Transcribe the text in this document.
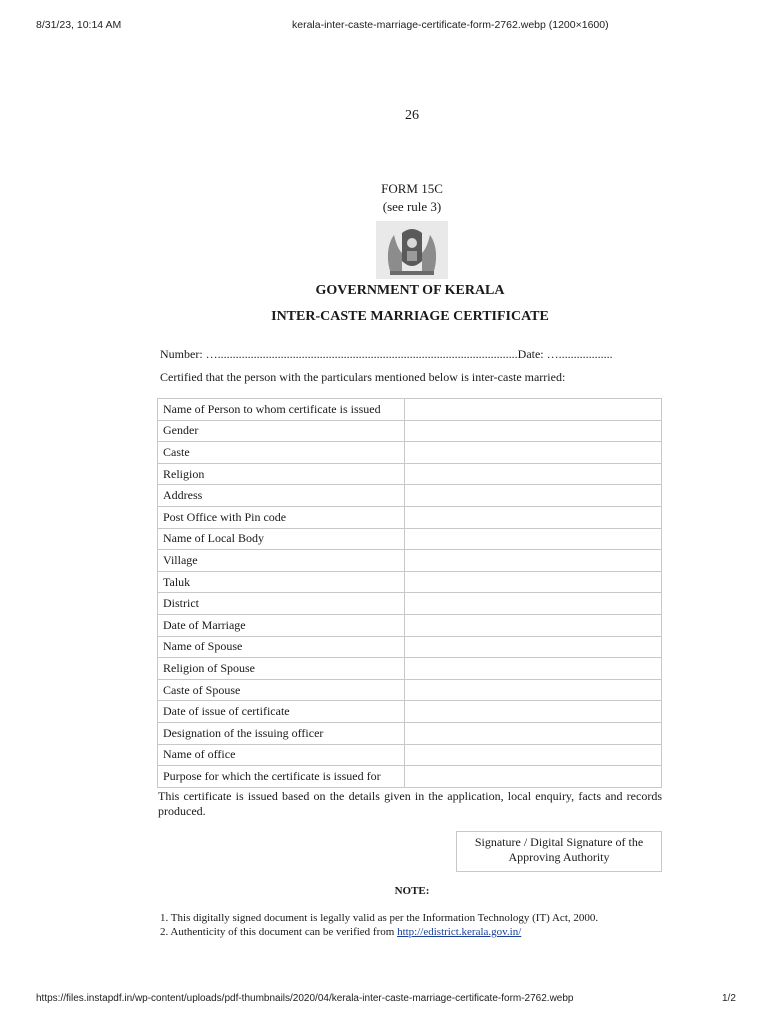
8/31/23, 10:14 AM	kerala-inter-caste-marriage-certificate-form-2762.webp (1200×1600)
26
FORM 15C
(see rule 3)
GOVERNMENT OF KERALA
INTER-CASTE MARRIAGE CERTIFICATE
Number: …....................................................................................................Date: …..................
Certified that the person with the particulars mentioned below is inter-caste married:
Name of Person to whom certificate is issued	
Gender	
Caste	
Religion	
Address	
Post Office with Pin code	
Name of Local Body	
Village	
Taluk	
District	
Date of Marriage	
Name of Spouse	
Religion of Spouse	
Caste of Spouse	
Date of issue of certificate	
Designation of the issuing officer	
Name of office	
Purpose for which the certificate is issued for	
This certificate is issued based on the details given in the application, local enquiry, facts and records produced.
Signature / Digital Signature of the
Approving Authority
NOTE:
1. This digitally signed document is legally valid as per the Information Technology (IT) Act, 2000.
2. Authenticity of this document can be verified from http://edistrict.kerala.gov.in/
https://files.instapdf.in/wp-content/uploads/pdf-thumbnails/2020/04/kerala-inter-caste-marriage-certificate-form-2762.webp	1/2
